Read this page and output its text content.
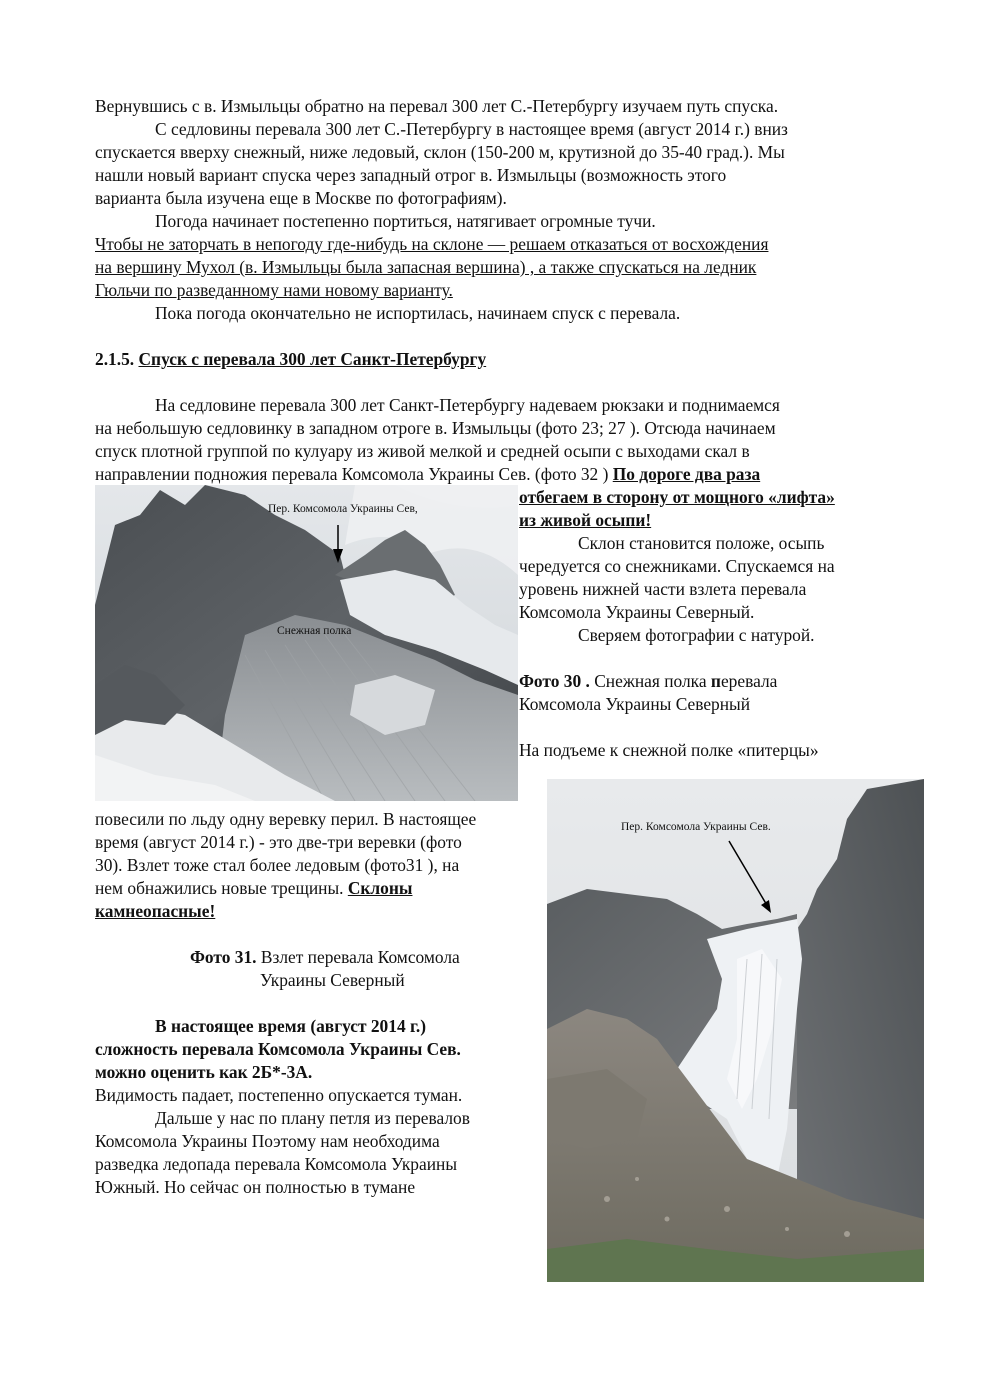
Вернувшись с в. Измыльцы обратно на перевал 300 лет С.-Петербургу изучаем путь спуска.

С седловины перевала 300 лет С.-Петербургу в настоящее время (август 2014 г.) вниз

спускается вверху снежный, ниже ледовый, склон (150-200 м, крутизной до 35-40 град.). Мы

нашли новый вариант спуска через западный отрог в. Измыльцы (возможность этого

варианта была изучена еще в Москве по фотографиям).

Погода начинает постепенно портиться, натягивает огромные тучи.

Чтобы не заторчать в непогоду где-нибудь на склоне — решаем отказаться от восхождения

на вершину Мухол (в. Измыльцы была запасная вершина) , а также спускаться на ледник

Гюльчи по разведанному нами новому варианту.

Пока погода окончательно не испортилась, начинаем спуск с перевала.

2.1.5. Спуск с перевала 300 лет Санкт-Петербургу

На седловине перевала 300 лет Санкт-Петербургу надеваем рюкзаки и поднимаемся

на небольшую седловинку в западном отроге в. Измыльцы (фото 23; 27 ). Отсюда начинаем

спуск плотной группой по кулуару из живой мелкой и средней осыпи с выходами скал в

направлении подножия перевала Комсомола Украины Сев. (фото 32 ) По дороге два раза

отбегаем в сторону от мощного «лифта»

из живой осыпи!

Склон становится положе, осыпь

чередуется со снежниками. Спускаемся на

уровень нижней части взлета перевала

Комсомола Украины Северный.

Сверяем фотографии с натурой.

Пер. Комсомола Украины Сев,
Снежная полка

Фото 30 . Снежная полка перевала

Комсомола Украины Северный

На подъеме к снежной полке «питерцы»

повесили по льду одну веревку перил. В настоящее

время (август 2014 г.) - это две-три веревки (фото

30). Взлет тоже стал более ледовым (фото31 ), на

нем обнажились новые трещины. Склоны

камнеопасные!

Пер. Комсомола Украины Сев.

Фото 31. Взлет перевала Комсомола

Украины Северный

В настоящее время (август 2014 г.)

сложность перевала Комсомола Украины Сев.

можно оценить как 2Б*-3А.

Видимость падает, постепенно опускается туман.

Дальше у нас по плану петля из перевалов

Комсомола Украины Поэтому нам необходима

разведка ледопада перевала Комсомола Украины

Южный. Но сейчас он полностью в тумане
